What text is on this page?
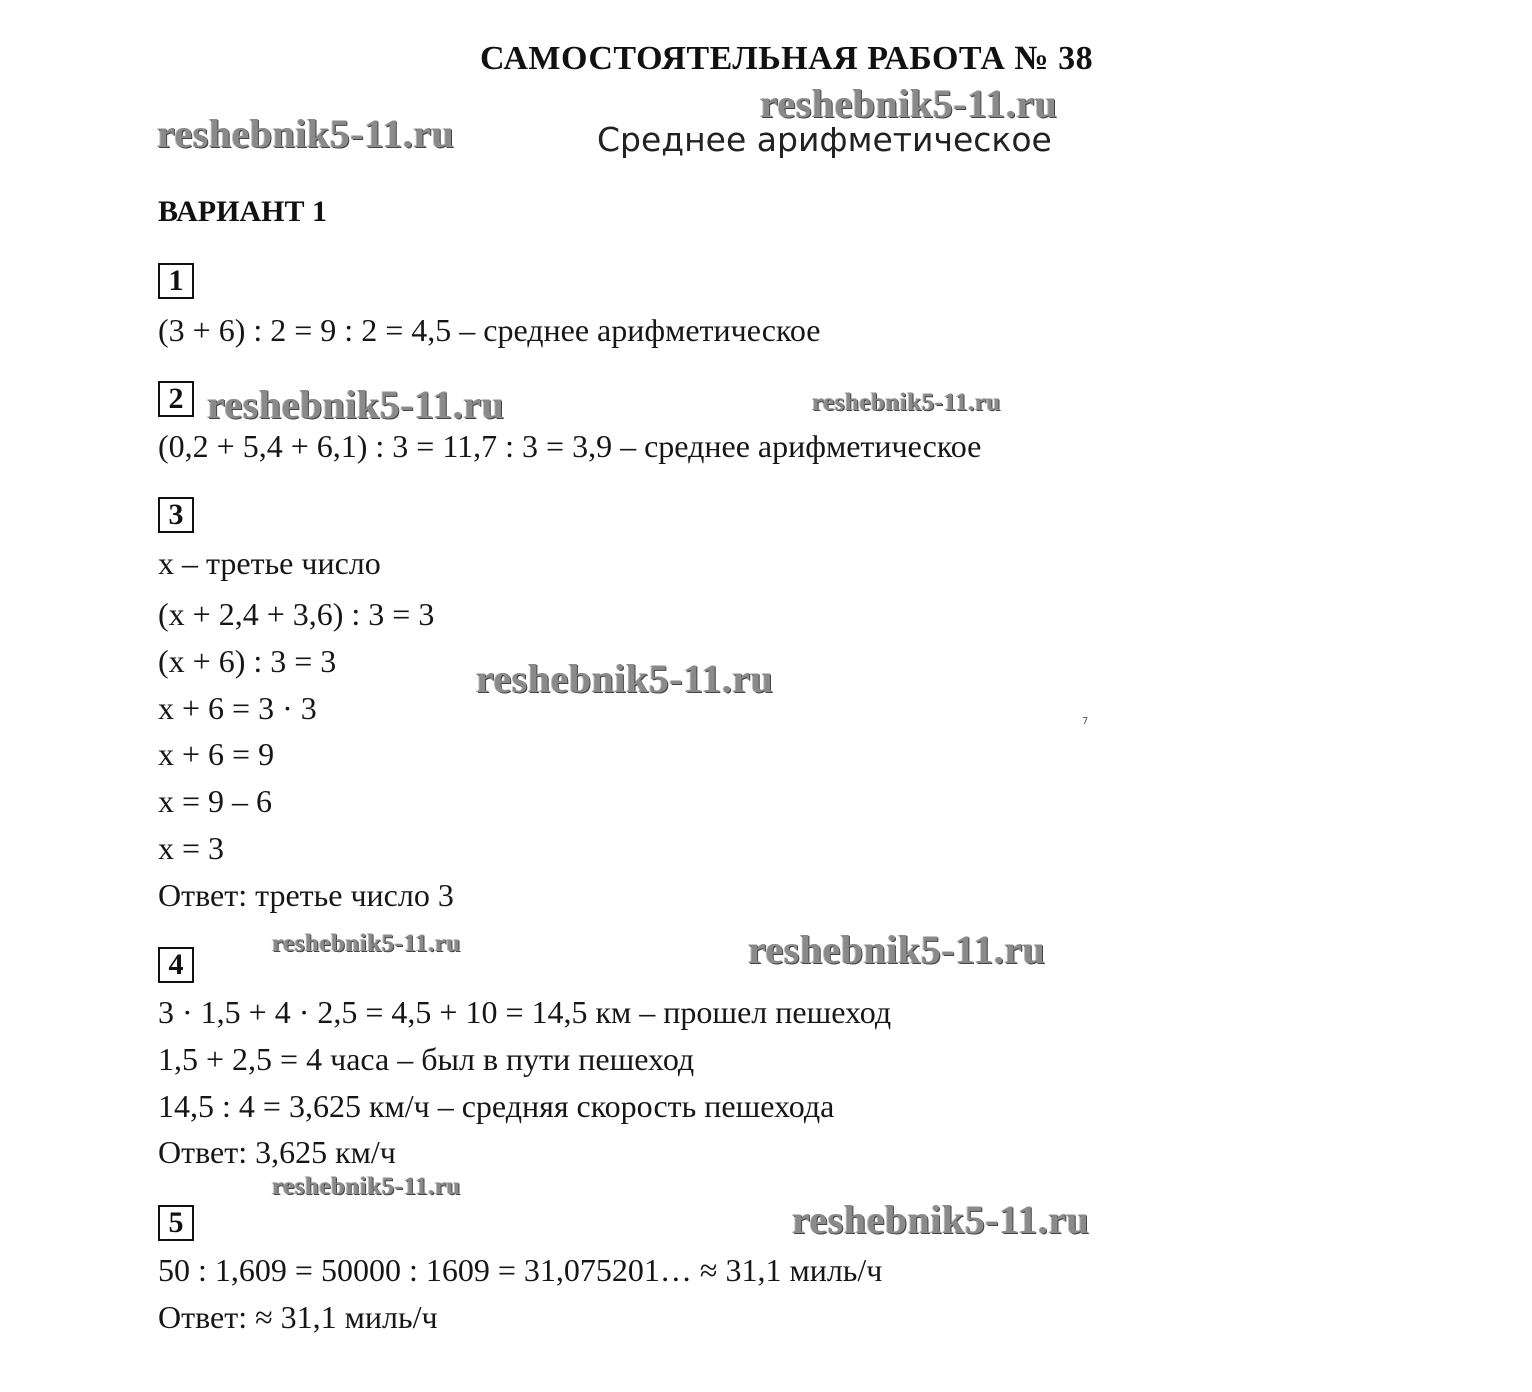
САМОСТОЯТЕЛЬНАЯ РАБОТА № 38
Среднее арифметическое
ВАРИАНТ 1
1
(3 + 6) : 2 = 9 : 2 = 4,5 – среднее арифметическое
2
(0,2 + 5,4 + 6,1) : 3 = 11,7 : 3 = 3,9 – среднее арифметическое
3
x – третье число
(x + 2,4 + 3,6) : 3 = 3
(x + 6) : 3 = 3
x + 6 = 3 · 3
x + 6 = 9
x = 9 – 6
x = 3
Ответ: третье число 3
4
3 · 1,5 + 4 · 2,5 = 4,5 + 10 = 14,5 км – прошел пешеход
1,5 + 2,5 = 4 часа – был в пути пешеход
14,5 : 4 = 3,625 км/ч – средняя скорость пешехода
Ответ: 3,625 км/ч
5
50 : 1,609 = 50000 : 1609 = 31,075201… ≈ 31,1 миль/ч
Ответ: ≈ 31,1 миль/ч
reshebnik5-11.ru
reshebnik5-11.ru
reshebnik5-11.ru	reshebnik5-11.ru
reshebnik5-11.ru
reshebnik5-11.ru	reshebnik5-11.ru
reshebnik5-11.ru
reshebnik5-11.ru
7
